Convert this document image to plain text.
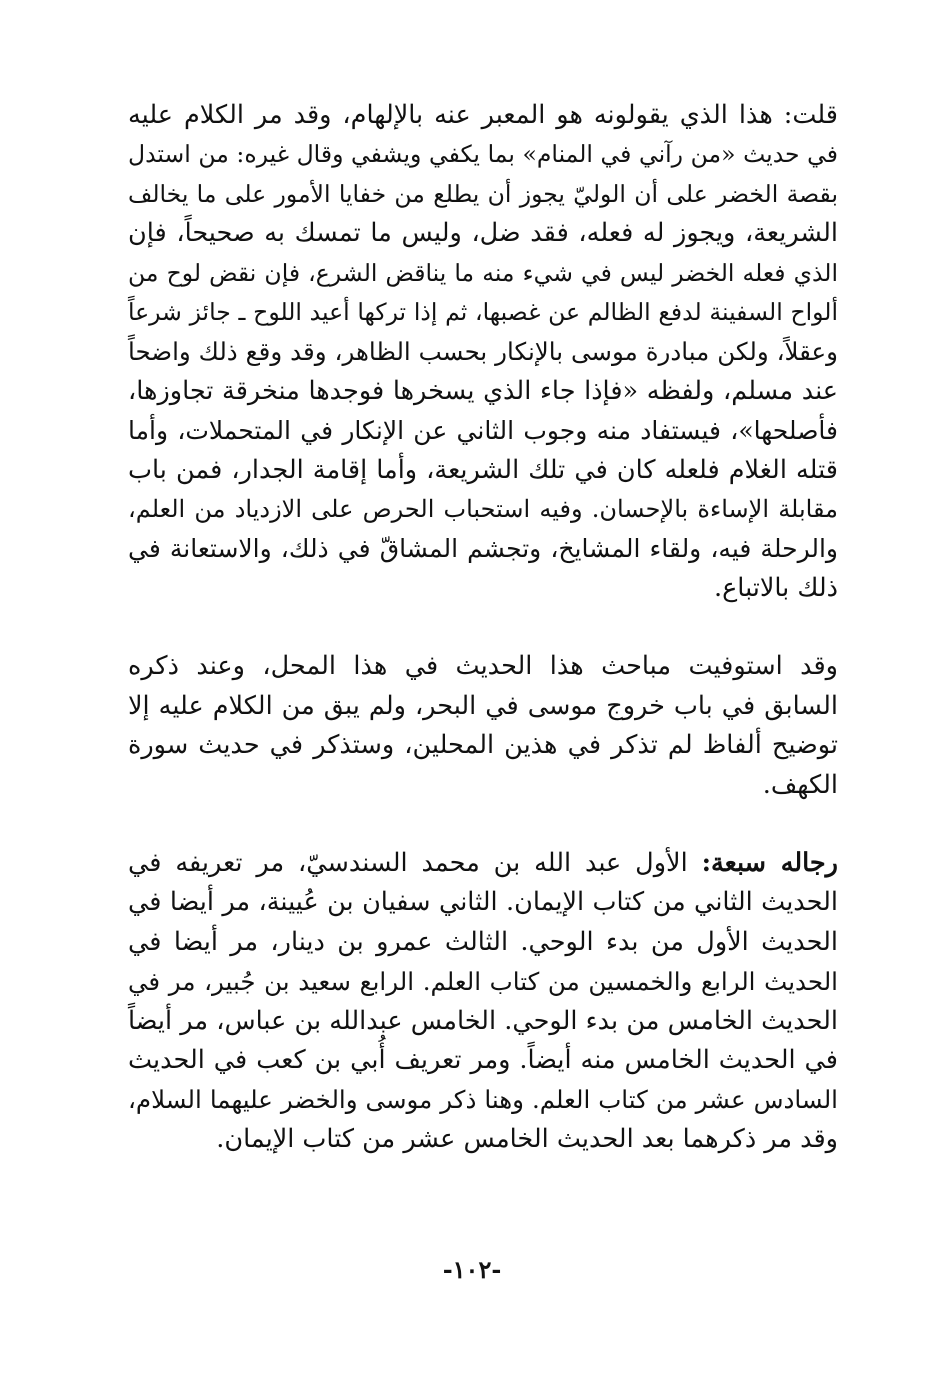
قلت: هذا الذي يقولونه هو المعبر عنه بالإلهام، وقد مر الكلام عليه
في حديث «من رآني في المنام» بما يكفي ويشفي وقال غيره: من استدل
بقصة الخضر على أن الوليّ يجوز أن يطلع من خفايا الأمور على ما يخالف
الشريعة، ويجوز له فعله، فقد ضل، وليس ما تمسك به صحيحاً، فإن
الذي فعله الخضر ليس في شيء منه ما يناقض الشرع، فإن نقض لوح من
ألواح السفينة لدفع الظالم عن غصبها، ثم إذا تركها أعيد اللوح ـ جائز شرعاً
وعقلاً، ولكن مبادرة موسى بالإنكار بحسب الظاهر، وقد وقع ذلك واضحاً
عند مسلم، ولفظه «فإذا جاء الذي يسخرها فوجدها منخرقة تجاوزها،
فأصلحها»، فيستفاد منه وجوب الثاني عن الإنكار في المتحملات، وأما
قتله الغلام فلعله كان في تلك الشريعة، وأما إقامة الجدار، فمن باب
مقابلة الإساءة بالإحسان. وفيه استحباب الحرص على الازدياد من العلم،
والرحلة فيه، ولقاء المشايخ، وتجشم المشاقّ في ذلك، والاستعانة في
ذلك بالاتباع.

وقد استوفيت مباحث هذا الحديث في هذا المحل، وعند ذكره
السابق في باب خروج موسى في البحر، ولم يبق من الكلام عليه إلا
توضيح ألفاظ لم تذكر في هذين المحلين، وستذكر في حديث سورة
الكهف.

رجاله سبعة: الأول عبد الله بن محمد السندسيّ، مر تعريفه في
الحديث الثاني من كتاب الإيمان. الثاني سفيان بن عُيينة، مر أيضا في
الحديث الأول من بدء الوحي. الثالث عمرو بن دينار، مر أيضا في
الحديث الرابع والخمسين من كتاب العلم. الرابع سعيد بن جُبير، مر في
الحديث الخامس من بدء الوحي. الخامس عبدالله بن عباس، مر أيضاً
في الحديث الخامس منه أيضاً. ومر تعريف أُبي بن كعب في الحديث
السادس عشر من كتاب العلم. وهنا ذكر موسى والخضر عليهما السلام،
وقد مر ذكرهما بعد الحديث الخامس عشر من كتاب الإيمان.

-١٠٢-
